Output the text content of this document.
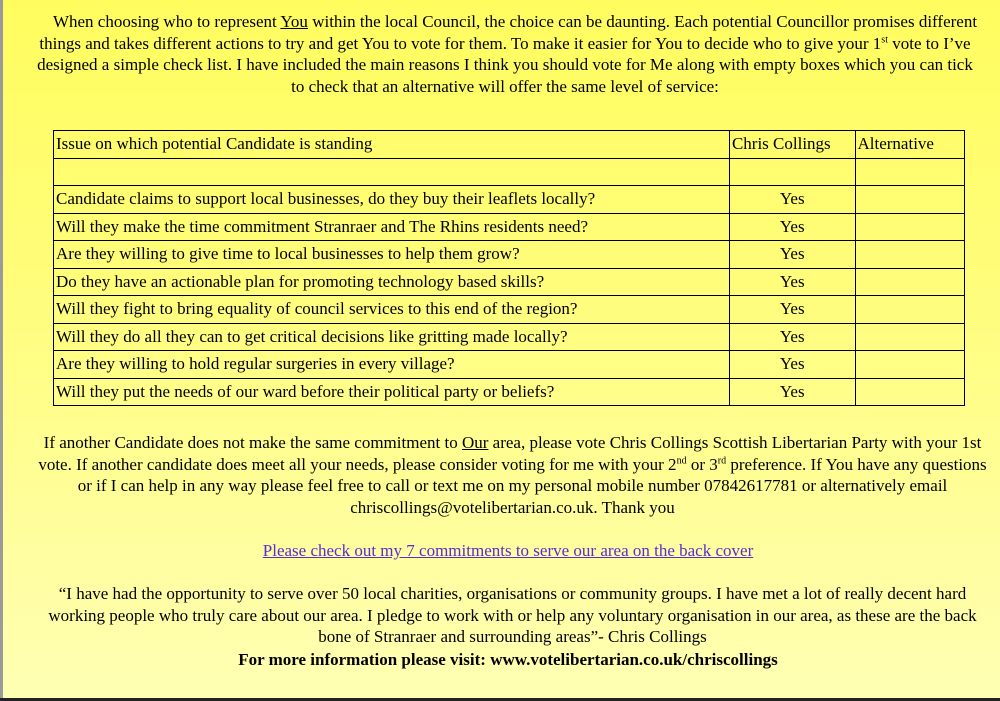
When choosing who to represent You within the local Council, the choice can be daunting. Each potential Councillor promises different things and takes different actions to try and get You to vote for them. To make it easier for You to decide who to give your 1st vote to I’ve designed a simple check list. I have included the main reasons I think you should vote for Me along with empty boxes which you can tick to check that an alternative will offer the same level of service:
Issue on which potential Candidate is standing	Chris Collings	Alternative

Candidate claims to support local businesses, do they buy their leaflets locally?	Yes	
Will they make the time commitment Stranraer and The Rhins residents need?	Yes	
Are they willing to give time to local businesses to help them grow?	Yes	
Do they have an actionable plan for promoting technology based skills?	Yes	
Will they fight to bring equality of council services to this end of the region?	Yes	
Will they do all they can to get critical decisions like gritting made locally?	Yes	
Are they willing to hold regular surgeries in every village?	Yes	
Will they put the needs of our ward before their political party or beliefs?	Yes	
If another Candidate does not make the same commitment to Our area, please vote Chris Collings Scottish Libertarian Party with your 1st vote. If another candidate does meet all your needs, please consider voting for me with your 2nd or 3rd preference. If You have any questions or if I can help in any way please feel free to call or text me on my personal mobile number 07842617781 or alternatively email chriscollings@votelibertarian.co.uk. Thank you
Please check out my 7 commitments to serve our area on the back cover
“I have had the opportunity to serve over 50 local charities, organisations or community groups. I have met a lot of really decent hard working people who truly care about our area. I pledge to work with or help any voluntary organisation in our area, as these are the back bone of Stranraer and surrounding areas”- Chris Collings
For more information please visit: www.votelibertarian.co.uk/chriscollings
